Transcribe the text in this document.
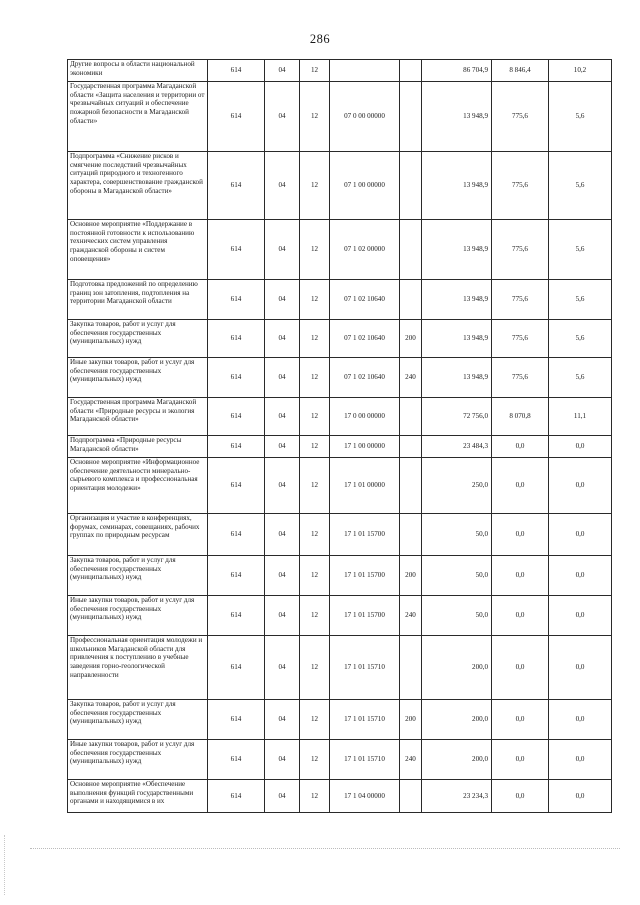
286
Другие вопросы в области национальной экономики	614	04	12			86 704,9	8 846,4	10,2
Государственная программа Магаданской области «Защита населения и территории от чрезвычайных ситуаций и обеспечение пожарной безопасности в Магаданской области»	614	04	12	07 0 00 00000		13 948,9	775,6	5,6
Подпрограмма «Снижение рисков и смягчение последствий чрезвычайных ситуаций природного и техногенного характера, совершенствование гражданской обороны в Магаданской области»	614	04	12	07 1 00 00000		13 948,9	775,6	5,6
Основное мероприятие «Поддержание в постоянной готовности к использованию технических систем управления гражданской обороны и систем оповещения»	614	04	12	07 1 02 00000		13 948,9	775,6	5,6
Подготовка предложений по определению границ зон затопления, подтопления на территории Магаданской области	614	04	12	07 1 02 10640		13 948,9	775,6	5,6
Закупка товаров, работ и услуг для обеспечения государственных (муниципальных) нужд	614	04	12	07 1 02 10640	200	13 948,9	775,6	5,6
Иные закупки товаров, работ и услуг для обеспечения государственных (муниципальных) нужд	614	04	12	07 1 02 10640	240	13 948,9	775,6	5,6
Государственная программа Магаданской области «Природные ресурсы и экология Магаданской области»	614	04	12	17 0 00 00000		72 756,0	8 070,8	11,1
Подпрограмма «Природные ресурсы Магаданской области»	614	04	12	17 1 00 00000		23 484,3	0,0	0,0
Основное мероприятие «Информационное обеспечение деятельности минерально-сырьевого комплекса и профессиональная ориентация молодежи»	614	04	12	17 1 01 00000		250,0	0,0	0,0
Организация и участие в конференциях, форумах, семинарах, совещаниях, рабочих группах по природным ресурсам	614	04	12	17 1 01 15700		50,0	0,0	0,0
Закупка товаров, работ и услуг для обеспечения государственных (муниципальных) нужд	614	04	12	17 1 01 15700	200	50,0	0,0	0,0
Иные закупки товаров, работ и услуг для обеспечения государственных (муниципальных) нужд	614	04	12	17 1 01 15700	240	50,0	0,0	0,0
Профессиональная ориентация молодежи и школьников Магаданской области для привлечения к поступлению в учебные заведения горно-геологической направленности	614	04	12	17 1 01 15710		200,0	0,0	0,0
Закупка товаров, работ и услуг для обеспечения государственных (муниципальных) нужд	614	04	12	17 1 01 15710	200	200,0	0,0	0,0
Иные закупки товаров, работ и услуг для обеспечения государственных (муниципальных) нужд	614	04	12	17 1 01 15710	240	200,0	0,0	0,0
Основное мероприятие «Обеспечение выполнения функций государственными органами и находящимися в их	614	04	12	17 1 04 00000		23 234,3	0,0	0,0
